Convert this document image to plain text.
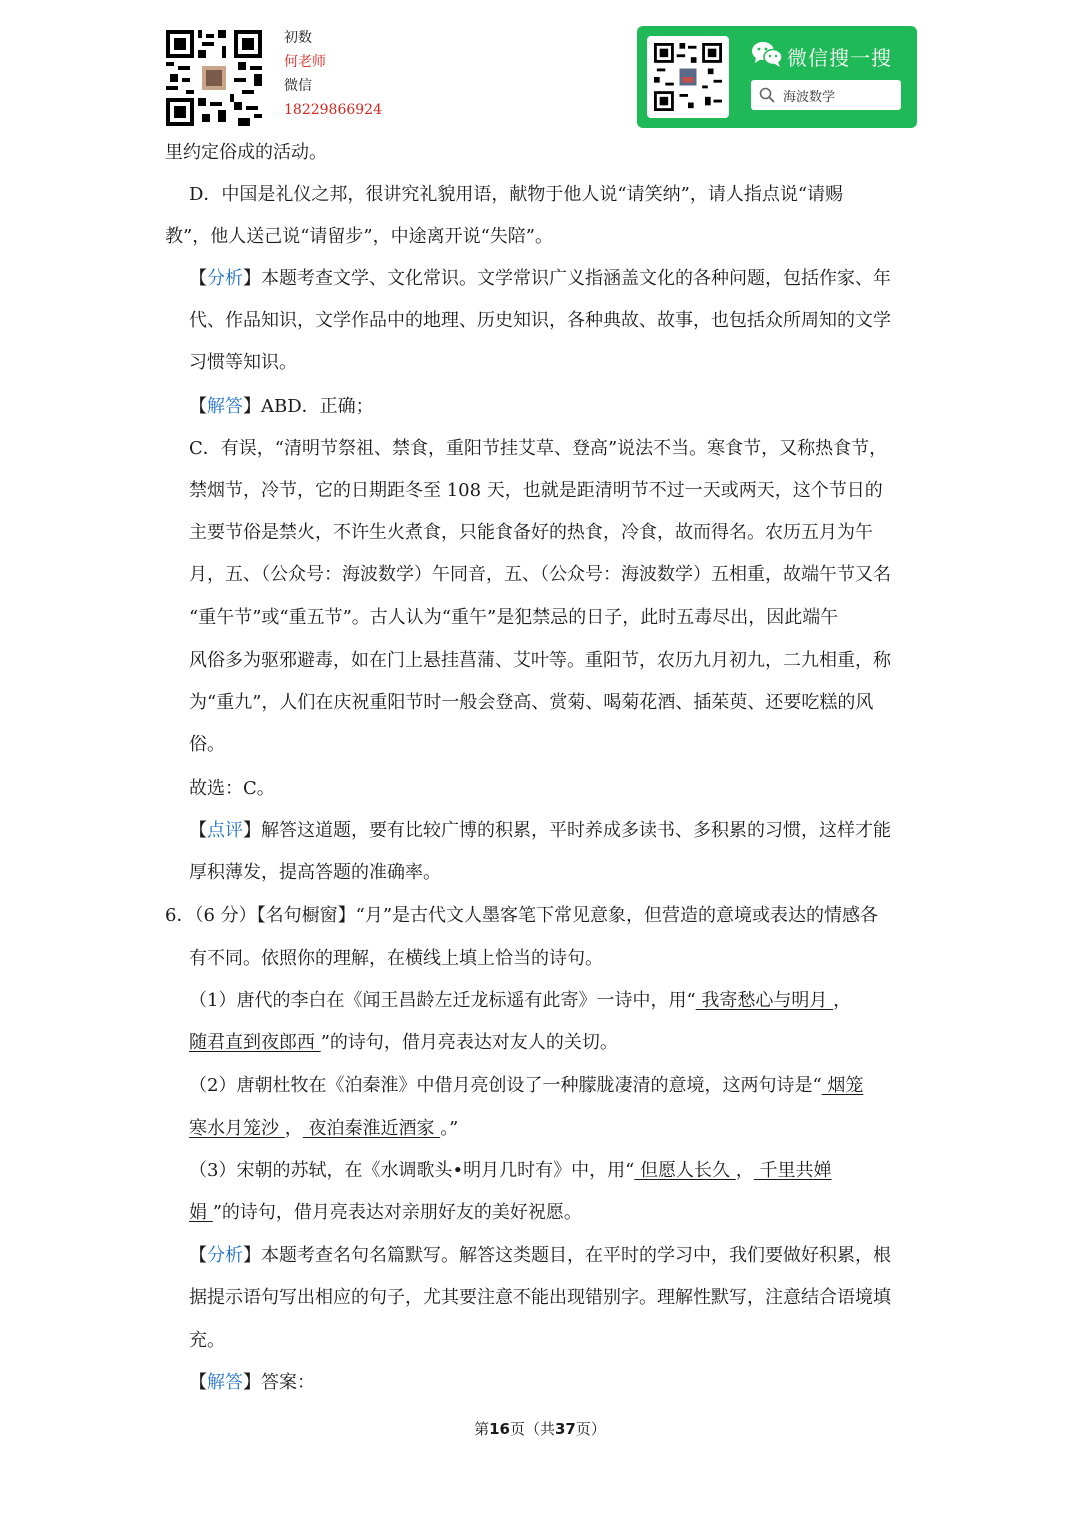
初数
何老师
微信
18229866924
微信搜一搜
海波数学
里约定俗成的活动。
D．中国是礼仪之邦，很讲究礼貌用语，献物于他人说“请笑纳”，请人指点说“请赐
教”，他人送己说“请留步”，中途离开说“失陪”。
【分析】本题考查文学、文化常识。文学常识广义指涵盖文化的各种问题，包括作家、年
代、作品知识，文学作品中的地理、历史知识，各种典故、故事，也包括众所周知的文学
习惯等知识。
【解答】ABD．正确；
C．有误，“清明节祭祖、禁食，重阳节挂艾草、登高”说法不当。寒食节，又称热食节，
禁烟节，冷节，它的日期距冬至 108 天，也就是距清明节不过一天或两天，这个节日的
主要节俗是禁火，不许生火煮食，只能食备好的热食，冷食，故而得名。农历五月为午
月，五、（公众号：海波数学）午同音，五、（公众号：海波数学）五相重，故端午节又名
“重午节”或“重五节”。古人认为“重午”是犯禁忌的日子，此时五毒尽出，因此端午
风俗多为驱邪避毒，如在门上悬挂菖蒲、艾叶等。重阳节，农历九月初九，二九相重，称
为“重九”，人们在庆祝重阳节时一般会登高、赏菊、喝菊花酒、插茱萸、还要吃糕的风
俗。
故选：C。
【点评】解答这道题，要有比较广博的积累，平时养成多读书、多积累的习惯，这样才能
厚积薄发，提高答题的准确率。
6．（6 分）【名句橱窗】“月”是古代文人墨客笔下常见意象，但营造的意境或表达的情感各
有不同。依照你的理解，在横线上填上恰当的诗句。
（1）唐代的李白在《闻王昌龄左迁龙标遥有此寄》一诗中，用“ 我寄愁心与明月 ，
随君直到夜郎西 ”的诗句，借月亮表达对友人的关切。
（2）唐朝杜牧在《泊秦淮》中借月亮创设了一种朦胧凄清的意境，这两句诗是“ 烟笼
寒水月笼沙 ， 夜泊秦淮近酒家 。”
（3）宋朝的苏轼，在《水调歌头•明月几时有》中，用“ 但愿人长久 ， 千里共婵
娟 ”的诗句，借月亮表达对亲朋好友的美好祝愿。
【分析】本题考查名句名篇默写。解答这类题目，在平时的学习中，我们要做好积累，根
据提示语句写出相应的句子，尤其要注意不能出现错别字。理解性默写，注意结合语境填
充。
【解答】答案：
第16页（共37页）
